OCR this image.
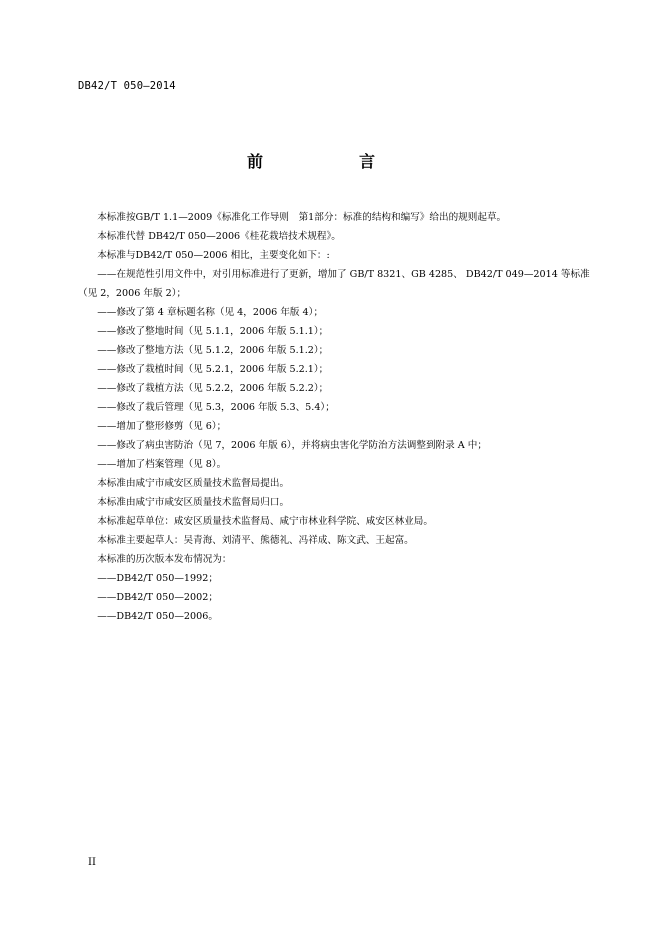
DB42/T 050—2014
前　言

本标准按GB/T 1.1—2009《标准化工作导则　第1部分：标准的结构和编写》给出的规则起草。

本标准代替 DB42/T 050—2006《桂花栽培技术规程》。

本标准与DB42/T 050—2006 相比，主要变化如下：:

——在规范性引用文件中，对引用标准进行了更新，增加了 GB/T 8321、GB 4285、 DB42/T 049—2014 等标准（见 2，2006 年版 2）；

——修改了第 4 章标题名称（见 4，2006 年版 4）；

——修改了整地时间（见 5.1.1，2006 年版 5.1.1）；

——修改了整地方法（见 5.1.2，2006 年版 5.1.2）；

——修改了栽植时间（见 5.2.1，2006 年版 5.2.1）；

——修改了栽植方法（见 5.2.2，2006 年版 5.2.2）；

——修改了栽后管理（见 5.3，2006 年版 5.3、5.4）；

——增加了整形修剪（见 6）；

——修改了病虫害防治（见 7，2006 年版 6），并将病虫害化学防治方法调整到附录 A 中；

——增加了档案管理（见 8）。

本标准由咸宁市咸安区质量技术监督局提出。

本标准由咸宁市咸安区质量技术监督局归口。

本标准起草单位：咸安区质量技术监督局、咸宁市林业科学院、咸安区林业局。

本标准主要起草人：吴青海、刘清平、熊德礼、冯祥成、陈文武、王起富。

本标准的历次版本发布情况为：

——DB42/T 050—1992；

——DB42/T 050—2002；

——DB42/T 050—2006。

II
